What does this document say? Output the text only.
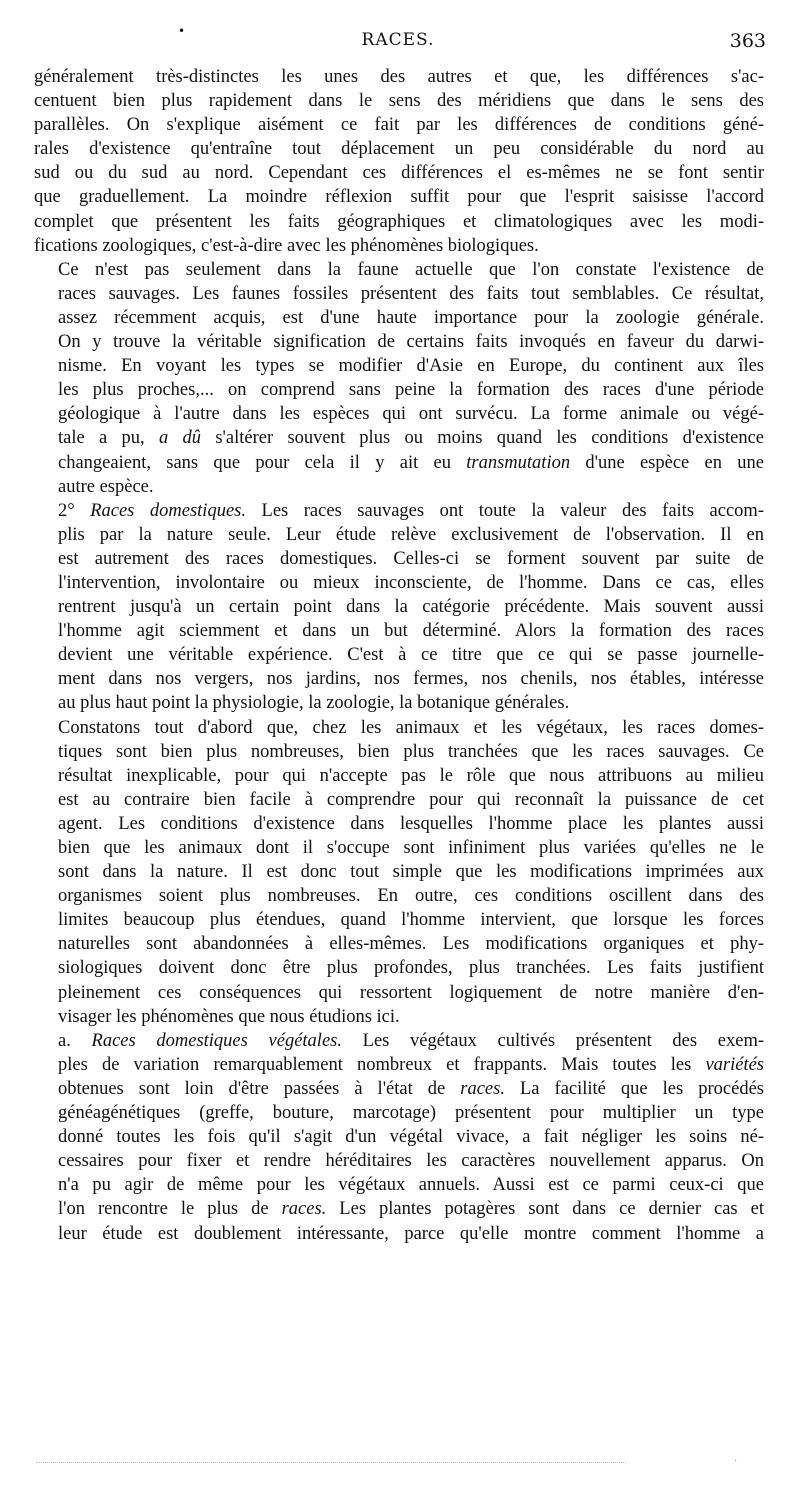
•	RACES.	363

généralement très-distinctes les unes des autres et que, les différences s'ac-
centuent bien plus rapidement dans le sens des méridiens que dans le sens des
parallèles. On s'explique aisément ce fait par les différences de conditions géné-
rales d'existence qu'entraîne tout déplacement un peu considérable du nord au
sud ou du sud au nord. Cependant ces différences el es-mêmes ne se font sentir
que graduellement. La moindre réflexion suffit pour que l'esprit saisisse l'accord
complet que présentent les faits géographiques et climatologiques avec les modi-
fications zoologiques, c'est-à-dire avec les phénomènes biologiques.

Ce n'est pas seulement dans la faune actuelle que l'on constate l'existence de
races sauvages. Les faunes fossiles présentent des faits tout semblables. Ce résultat,
assez récemment acquis, est d'une haute importance pour la zoologie générale.
On y trouve la véritable signification de certains faits invoqués en faveur du darwi-
nisme. En voyant les types se modifier d'Asie en Europe, du continent aux îles
les plus proches,... on comprend sans peine la formation des races d'une période
géologique à l'autre dans les espèces qui ont survécu. La forme animale ou végé-
tale a pu, a dû s'altérer souvent plus ou moins quand les conditions d'existence
changeaient, sans que pour cela il y ait eu transmutation d'une espèce en une
autre espèce.

2° Races domestiques. Les races sauvages ont toute la valeur des faits accom-
plis par la nature seule. Leur étude relève exclusivement de l'observation. Il en
est autrement des races domestiques. Celles-ci se forment souvent par suite de
l'intervention, involontaire ou mieux inconsciente, de l'homme. Dans ce cas, elles
rentrent jusqu'à un certain point dans la catégorie précédente. Mais souvent aussi
l'homme agit sciemment et dans un but déterminé. Alors la formation des races
devient une véritable expérience. C'est à ce titre que ce qui se passe journelle-
ment dans nos vergers, nos jardins, nos fermes, nos chenils, nos étables, intéresse
au plus haut point la physiologie, la zoologie, la botanique générales.

Constatons tout d'abord que, chez les animaux et les végétaux, les races domes-
tiques sont bien plus nombreuses, bien plus tranchées que les races sauvages. Ce
résultat inexplicable, pour qui n'accepte pas le rôle que nous attribuons au milieu
est au contraire bien facile à comprendre pour qui reconnaît la puissance de cet
agent. Les conditions d'existence dans lesquelles l'homme place les plantes aussi
bien que les animaux dont il s'occupe sont infiniment plus variées qu'elles ne le
sont dans la nature. Il est donc tout simple que les modifications imprimées aux
organismes soient plus nombreuses. En outre, ces conditions oscillent dans des
limites beaucoup plus étendues, quand l'homme intervient, que lorsque les forces
naturelles sont abandonnées à elles-mêmes. Les modifications organiques et phy-
siologiques doivent donc être plus profondes, plus tranchées. Les faits justifient
pleinement ces conséquences qui ressortent logiquement de notre manière d'en-
visager les phénomènes que nous étudions ici.

a. Races domestiques végétales. Les végétaux cultivés présentent des exem-
ples de variation remarquablement nombreux et frappants. Mais toutes les variétés
obtenues sont loin d'être passées à l'état de races. La facilité que les procédés
généagénétiques (greffe, bouture, marcotage) présentent pour multiplier un type
donné toutes les fois qu'il s'agit d'un végétal vivace, a fait négliger les soins né-
cessaires pour fixer et rendre héréditaires les caractères nouvellement apparus. On
n'a pu agir de même pour les végétaux annuels. Aussi est ce parmi ceux-ci que
l'on rencontre le plus de races. Les plantes potagères sont dans ce dernier cas et
leur étude est doublement intéressante, parce qu'elle montre comment l'homme a

·
